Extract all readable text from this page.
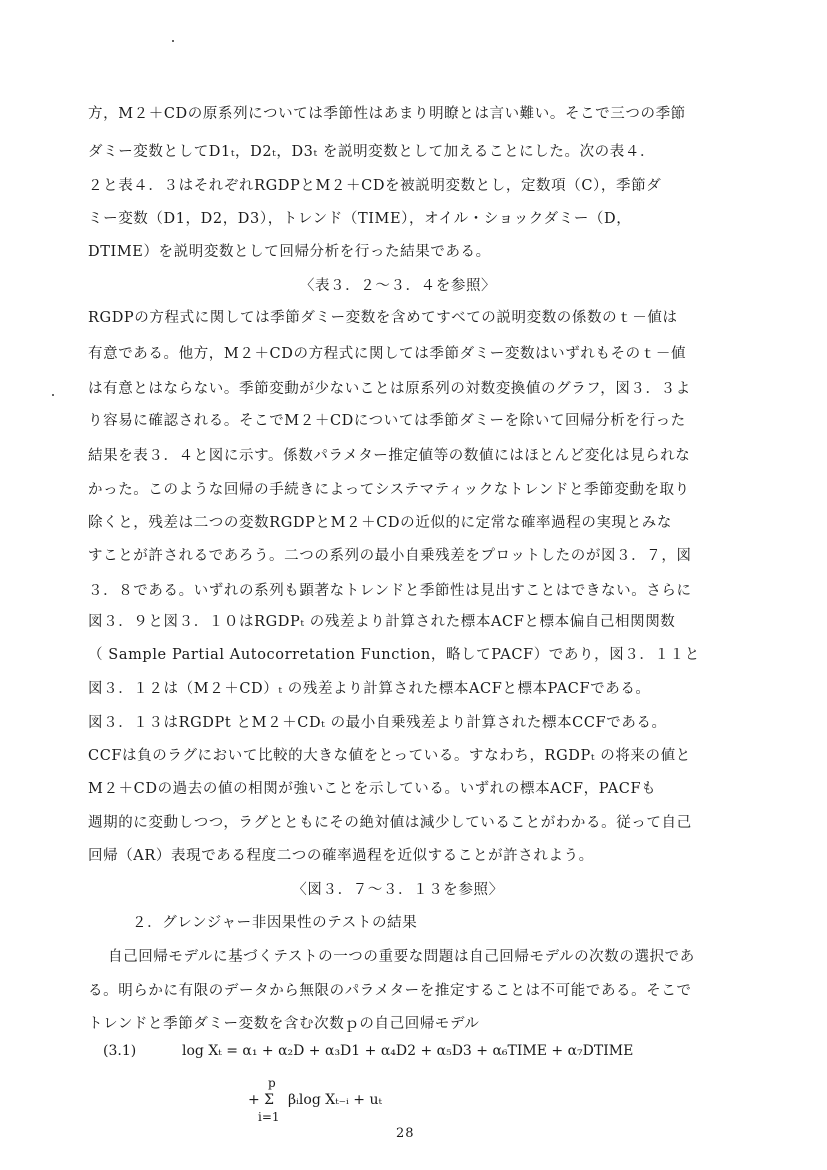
方，M２＋CDの原系列については季節性はあまり明瞭とは言い難い。そこで三つの季節
ダミー変数としてD1ₜ，D2ₜ，D3ₜ を説明変数として加えることにした。次の表４．
２と表４．３はそれぞれRGDPとM２＋CDを被説明変数とし，定数項（C），季節ダ
ミー変数（D1，D2，D3），トレンド（TIME），オイル・ショックダミー（D，
DTIME）を説明変数として回帰分析を行った結果である。
〈表３．２～３．４を参照〉
RGDPの方程式に関しては季節ダミー変数を含めてすべての説明変数の係数のｔ－値は
有意である。他方，M２＋CDの方程式に関しては季節ダミー変数はいずれもそのｔ－値
は有意とはならない。季節変動が少ないことは原系列の対数変換値のグラフ，図３．３よ
り容易に確認される。そこでM２＋CDについては季節ダミーを除いて回帰分析を行った
結果を表３．４と図に示す。係数パラメター推定値等の数値にはほとんど変化は見られな
かった。このような回帰の手続きによってシステマティックなトレンドと季節変動を取り
除くと，残差は二つの変数RGDPとM２＋CDの近似的に定常な確率過程の実現とみな
すことが許されるであろう。二つの系列の最小自乗残差をプロットしたのが図３．７，図
３．８である。いずれの系列も顕著なトレンドと季節性は見出すことはできない。さらに
図３．９と図３．１０はRGDPₜ の残差より計算された標本ACFと標本偏自己相関関数
（ Sample Partial Autocorretation Function，略してPACF）であり，図３．１１と
図３．１２は（M２＋CD）ₜ の残差より計算された標本ACFと標本PACFである。
図３．１３はRGDPt とM２＋CDₜ の最小自乗残差より計算された標本CCFである。
CCFは負のラグにおいて比較的大きな値をとっている。すなわち，RGDPₜ の将来の値と
M２＋CDの過去の値の相関が強いことを示している。いずれの標本ACF，PACFも
週期的に変動しつつ，ラグとともにその絶対値は減少していることがわかる。従って自己
回帰（AR）表現である程度二つの確率過程を近似することが許されよう。
〈図３．７～３．１３を参照〉
２．グレンジャー非因果性のテストの結果
自己回帰モデルに基づくテストの一つの重要な問題は自己回帰モデルの次数の選択であ
る。明らかに有限のデータから無限のパラメターを推定することは不可能である。そこで
トレンドと季節ダミー変数を含む次数ｐの自己回帰モデル
(3.1)	log Xₜ = α₁ + α₂D + α₃D1 + α₄D2 + α₅D3 + α₆TIME + α₇DTIME
p
+ Σ
i=1
βᵢlog Xₜ₋ᵢ + uₜ
28
